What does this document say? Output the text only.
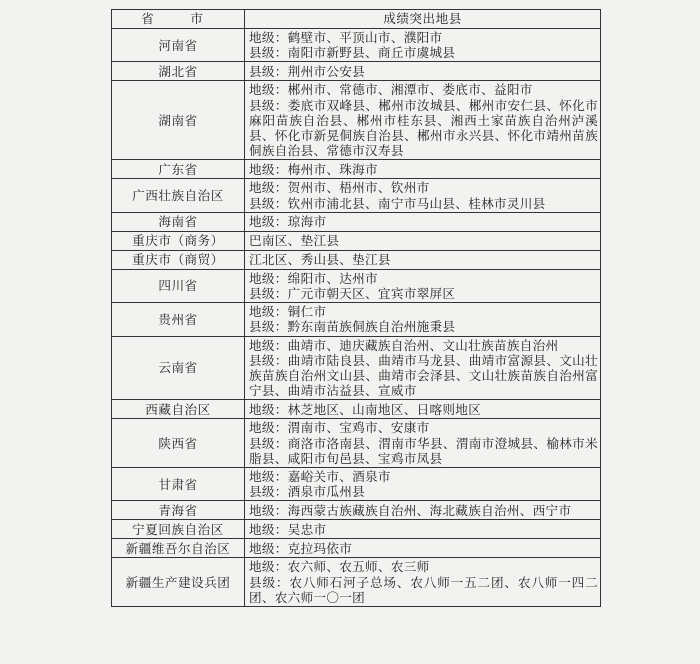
省　市	成绩突出地县
河南省	地级：鹤壁市、平顶山市、濮阳市
县级：南阳市新野县、商丘市虞城县

湖北省	县级：荆州市公安县

湖南省	地级：郴州市、常德市、湘潭市、娄底市、益阳市
县级：娄底市双峰县、郴州市汝城县、郴州市安仁县、怀化市麻阳苗族自治县、郴州市桂东县、湘西土家苗族自治州泸溪县、怀化市新晃侗族自治县、郴州市永兴县、怀化市靖州苗族侗族自治县、常德市汉寿县

广东省	地级：梅州市、珠海市

广西壮族自治区	地级：贺州市、梧州市、钦州市
县级：钦州市浦北县、南宁市马山县、桂林市灵川县

海南省	地级：琼海市

重庆市（商务）	巴南区、垫江县

重庆市（商贸）	江北区、秀山县、垫江县

四川省	地级：绵阳市、达州市
县级：广元市朝天区、宜宾市翠屏区

贵州省	地级：铜仁市
县级：黔东南苗族侗族自治州施秉县

云南省	地级：曲靖市、迪庆藏族自治州、文山壮族苗族自治州
县级：曲靖市陆良县、曲靖市马龙县、曲靖市富源县、文山壮族苗族自治州文山县、曲靖市会泽县、文山壮族苗族自治州富宁县、曲靖市沾益县、宣威市

西藏自治区	地级：林芝地区、山南地区、日喀则地区

陕西省	地级：渭南市、宝鸡市、安康市
县级：商洛市洛南县、渭南市华县、渭南市澄城县、榆林市米脂县、咸阳市旬邑县、宝鸡市凤县

甘肃省	地级：嘉峪关市、酒泉市
县级：酒泉市瓜州县

青海省	地级：海西蒙古族藏族自治州、海北藏族自治州、西宁市

宁夏回族自治区	地级：吴忠市

新疆维吾尔自治区	地级：克拉玛依市

新疆生产建设兵团	地级：农六师、农五师、农三师
县级：农八师石河子总场、农八师一五二团、农八师一四二团、农六师一〇一团
